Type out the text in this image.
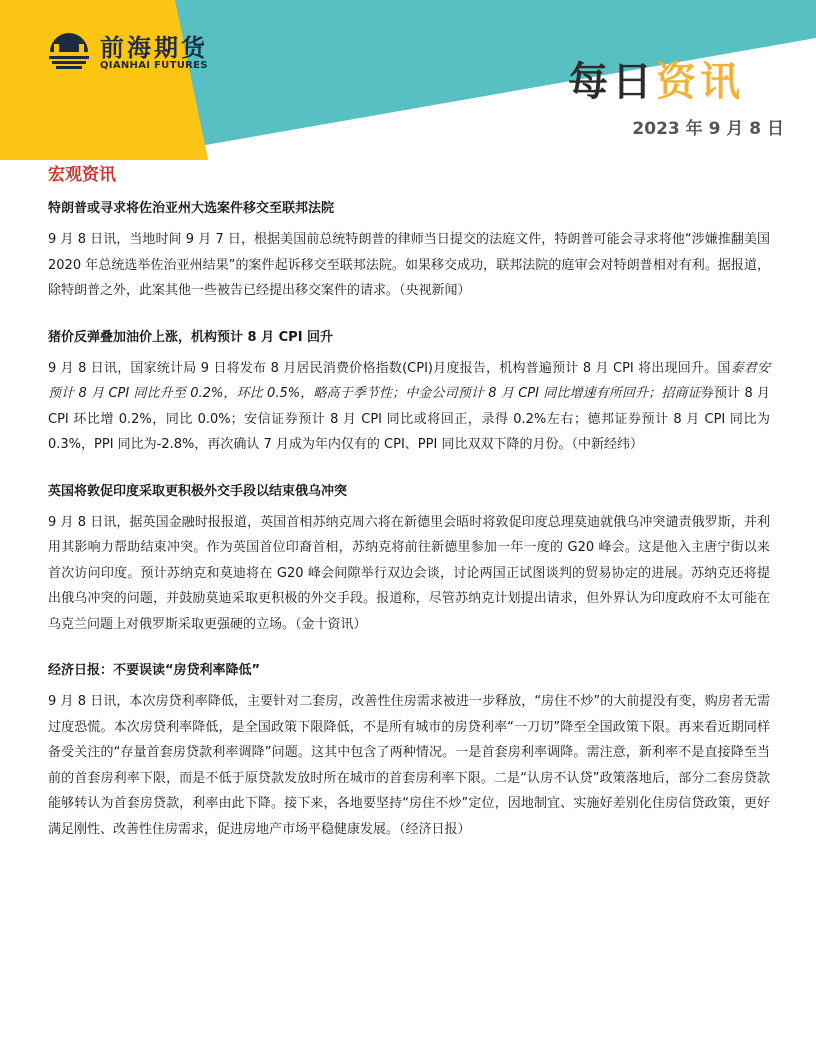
前海期货
QIANHAI FUTURES	每日资讯
2023 年 9 月 8 日
宏观资讯

特朗普或寻求将佐治亚州大选案件移交至联邦法院

9 月 8 日讯，当地时间 9 月 7 日，根据美国前总统特朗普的律师当日提交的法庭文件，特朗普可能会寻求将他“涉嫌推翻美国 2020 年总统选举佐治亚州结果”的案件起诉移交至联邦法院。如果移交成功，联邦法院的庭审会对特朗普相对有利。据报道，除特朗普之外，此案其他一些被告已经提出移交案件的请求。（央视新闻）

猪价反弹叠加油价上涨，机构预计 8 月 CPI 回升

9 月 8 日讯，国家统计局 9 日将发布 8 月居民消费价格指数(CPI)月度报告，机构普遍预计 8 月 CPI 将出现回升。国泰君安预计 8 月 CPI 同比升至 0.2%，环比 0.5%，略高于季节性；中金公司预计 8 月 CPI 同比增速有所回升；招商证券预计 8 月 CPI 环比增 0.2%，同比 0.0%；安信证券预计 8 月 CPI 同比或将回正，录得 0.2%左右；德邦证券预计 8 月 CPI 同比为 0.3%，PPI 同比为-2.8%，再次确认 7 月成为年内仅有的 CPI、PPI 同比双双下降的月份。（中新经纬）

英国将敦促印度采取更积极外交手段以结束俄乌冲突

9 月 8 日讯，据英国金融时报报道，英国首相苏纳克周六将在新德里会晤时将敦促印度总理莫迪就俄乌冲突谴责俄罗斯，并利用其影响力帮助结束冲突。作为英国首位印裔首相，苏纳克将前往新德里参加一年一度的 G20 峰会。这是他入主唐宁街以来首次访问印度。预计苏纳克和莫迪将在 G20 峰会间隙举行双边会谈，讨论两国正试图谈判的贸易协定的进展。苏纳克还将提出俄乌冲突的问题，并鼓励莫迪采取更积极的外交手段。报道称，尽管苏纳克计划提出请求，但外界认为印度政府不太可能在乌克兰问题上对俄罗斯采取更强硬的立场。（金十资讯）

经济日报：不要误读“房贷利率降低”

9 月 8 日讯，本次房贷利率降低，主要针对二套房，改善性住房需求被进一步释放，“房住不炒”的大前提没有变，购房者无需过度恐慌。本次房贷利率降低，是全国政策下限降低，不是所有城市的房贷利率“一刀切”降至全国政策下限。再来看近期同样备受关注的“存量首套房贷款利率调降”问题。这其中包含了两种情况。一是首套房利率调降。需注意，新利率不是直接降至当前的首套房利率下限，而是不低于原贷款发放时所在城市的首套房利率下限。二是“认房不认贷”政策落地后，部分二套房贷款能够转认为首套房贷款，利率由此下降。接下来，各地要坚持“房住不炒”定位，因地制宜、实施好差别化住房信贷政策，更好满足刚性、改善性住房需求，促进房地产市场平稳健康发展。（经济日报）
